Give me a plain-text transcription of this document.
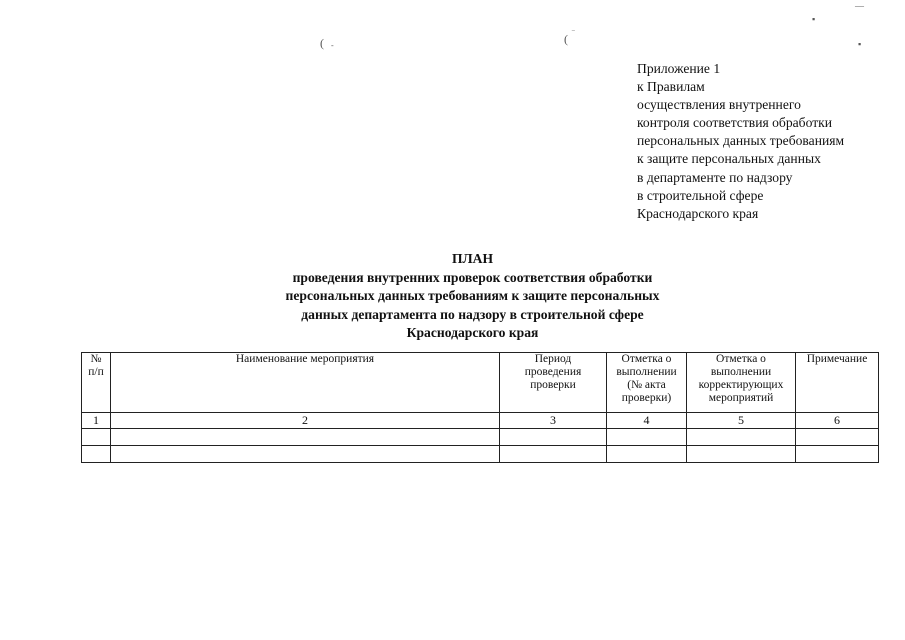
( -	( ‾
▪
—
▪
Приложение 1
к Правилам
осуществления внутреннего
контроля соответствия обработки
персональных данных требованиям
к защите персональных данных
в департаменте по надзору
в строительной сфере
Краснодарского края
ПЛАН
проведения внутренних проверок соответствия обработки
персональных данных требованиям к защите персональных
данных департамента по надзору в строительной сфере
Краснодарского края
№
п/п	Наименование мероприятия	Период
проведения
проверки	Отметка о
выполнении
(№ акта
проверки)	Отметка о
выполнении
корректирующих
мероприятий	Примечание

1	2	3	4	5	6
